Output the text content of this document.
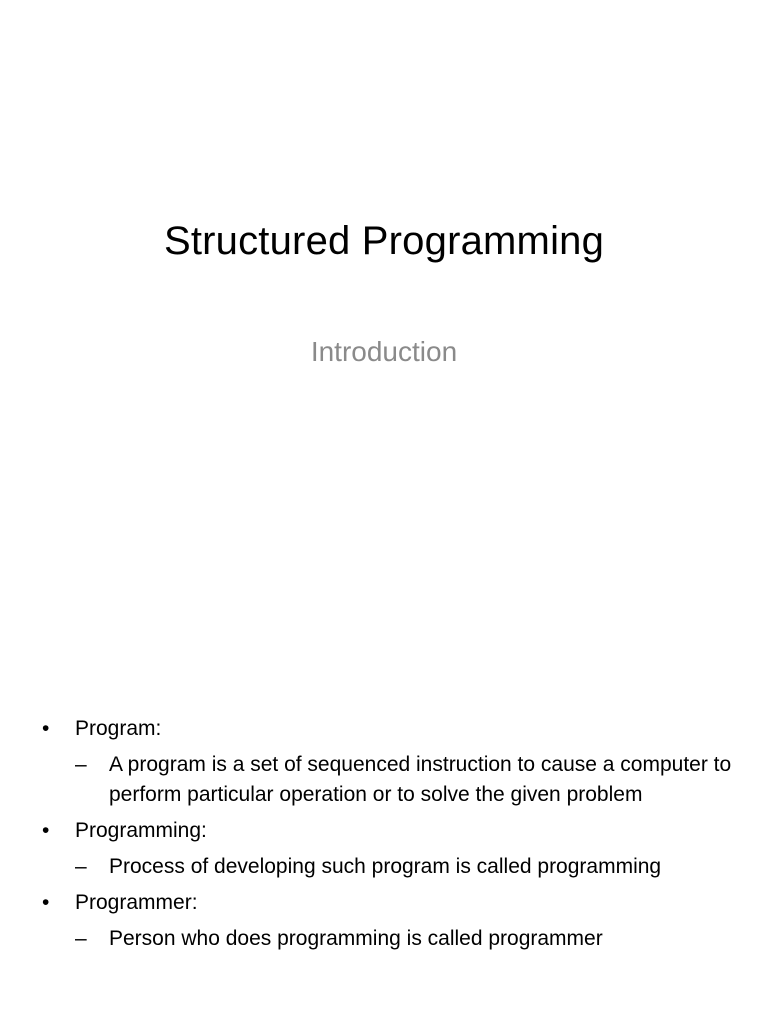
Structured Programming
Introduction
•	Program:
–	A program is a set of sequenced instruction to cause a computer to perform particular operation or to solve the given problem
•	Programming:
–	Process of developing such program is called programming
•	Programmer:
–	Person who does programming is called programmer
